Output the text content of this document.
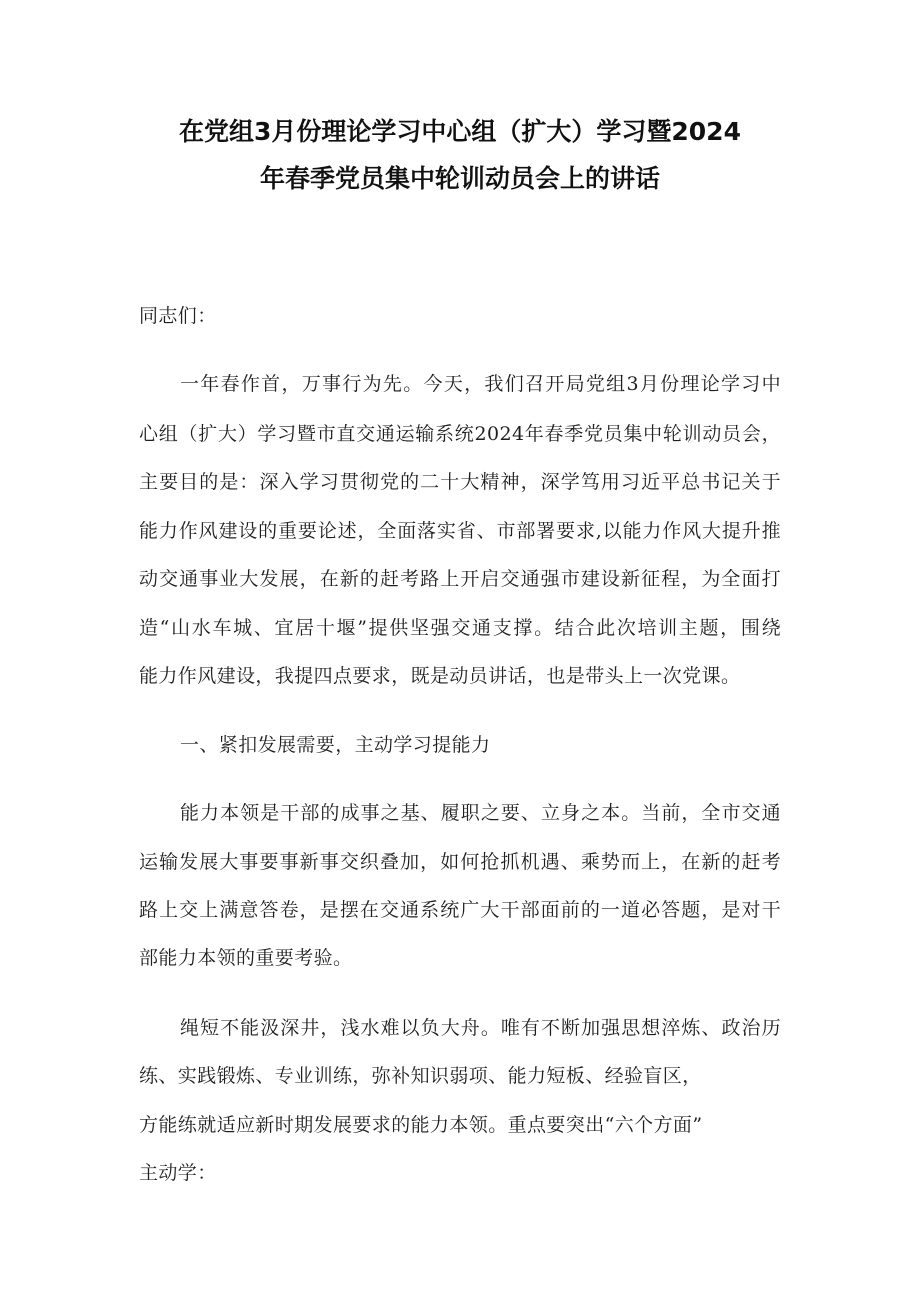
在党组3月份理论学习中心组（扩大）学习暨2024
年春季党员集中轮训动员会上的讲话
同志们：
一年春作首，万事行为先。今天，我们召开局党组3月份理论学习中
心组（扩大）学习暨市直交通运输系统2024年春季党员集中轮训动员会，
主要目的是：深入学习贯彻党的二十大精神，深学笃用习近平总书记关于
能力作风建设的重要论述，全面落实省、市部署要求,以能力作风大提升推
动交通事业大发展，在新的赶考路上开启交通强市建设新征程，为全面打
造“山水车城、宜居十堰”提供坚强交通支撑。结合此次培训主题，围绕
能力作风建设，我提四点要求，既是动员讲话，也是带头上一次党课。
一、紧扣发展需要，主动学习提能力
能力本领是干部的成事之基、履职之要、立身之本。当前，全市交通
运输发展大事要事新事交织叠加，如何抢抓机遇、乘势而上，在新的赶考
路上交上满意答卷，是摆在交通系统广大干部面前的一道必答题，是对干
部能力本领的重要考验。
绳短不能汲深井，浅水难以负大舟。唯有不断加强思想淬炼、政治历
练、实践锻炼、专业训练，弥补知识弱项、能力短板、经验盲区，
方能练就适应新时期发展要求的能力本领。重点要突出“六个方面”
主动学：
